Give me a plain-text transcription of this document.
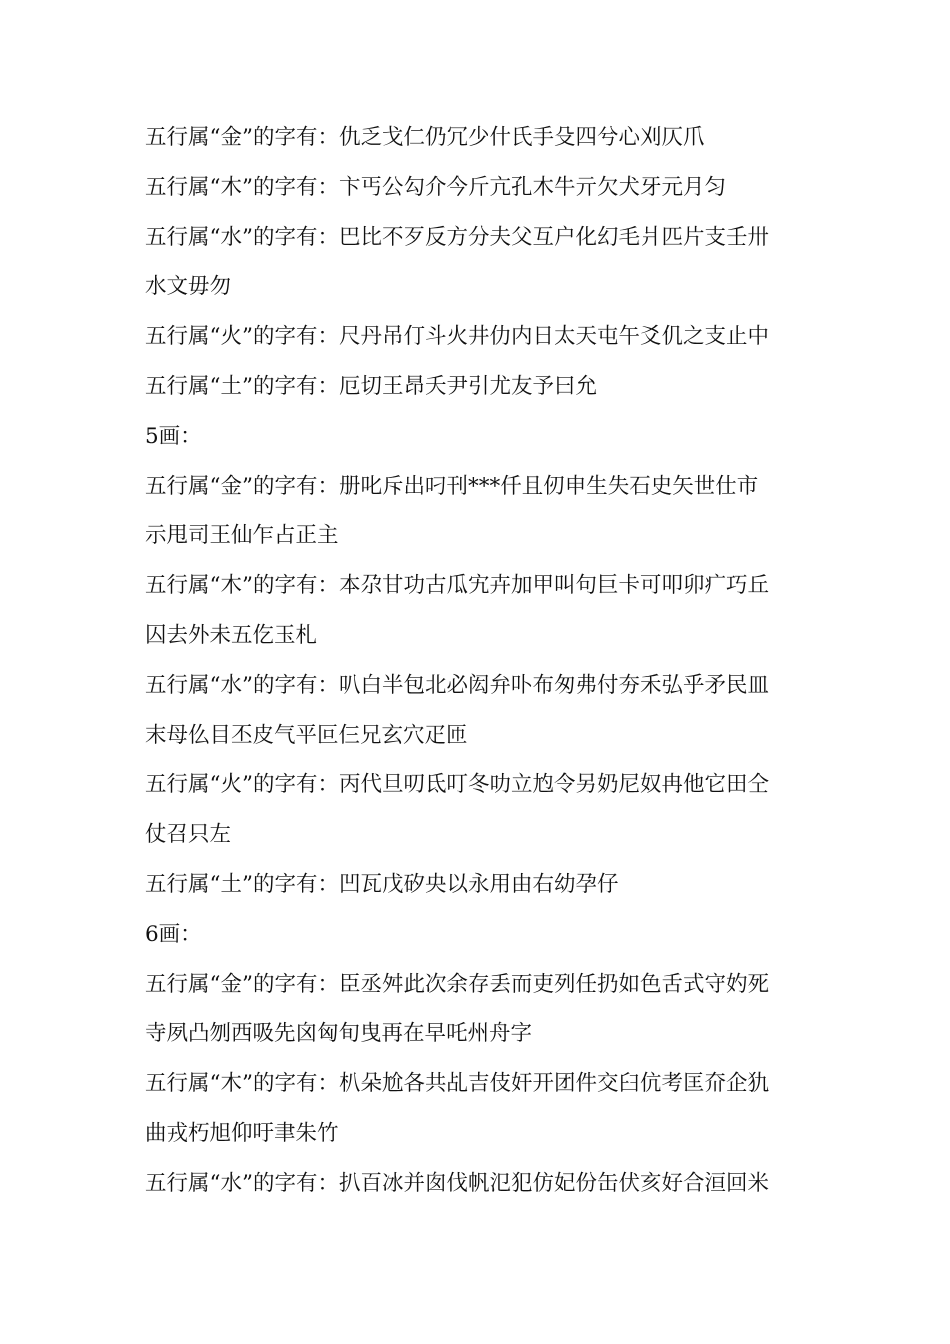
五行属“金”的字有：仇乏戈仁仍冗少什氏手殳四兮心刈仄爪
五行属“木”的字有：卞丐公勾介今斤亢孔木牛亓欠犬牙元月匀
五行属“水”的字有：巴比不歹反方分夫父互户化幻毛爿匹片支壬卅
水文毋勿
五行属“火”的字有：尺丹吊仃斗火井仂内日太天屯午爻仉之支止中
五行属“土”的字有：厄切王昂夭尹引尤友予曰允
5画：
五行属“金”的字有：册叱斥出叼刊***仟且仞申生失石史矢世仕市
示甩司王仙乍占正主
五行属“木”的字有：本尕甘功古瓜宄卉加甲叫句巨卡可叩卯疒巧丘
囚去外未五仡玉札
五行属“水”的字有：叭白半包北必闳弁卟布匆弗付夯禾弘乎矛民皿
末母仫目丕皮气平叵仨兄玄穴疋匝
五行属“火”的字有：丙代旦叨氐叮冬叻立尥令另奶尼奴冉他它田仝
仗召只左
五行属“土”的字有：凹瓦戊矽央以永用由右幼孕仔
6画：
五行属“金”的字有：臣丞舛此次余存丢而吏列任扔如色舌式守妁死
寺夙凸刎西吸先囟匈旬曳再在早吒州舟字
五行属“木”的字有：朳朵尬各共乩吉伎奸开团件交臼伉考匡夼企犰
曲戎朽旭仰吁聿朱竹
五行属“水”的字有：扒百冰并囱伐帆氾犯仿妃份缶伏亥好合洹回米
